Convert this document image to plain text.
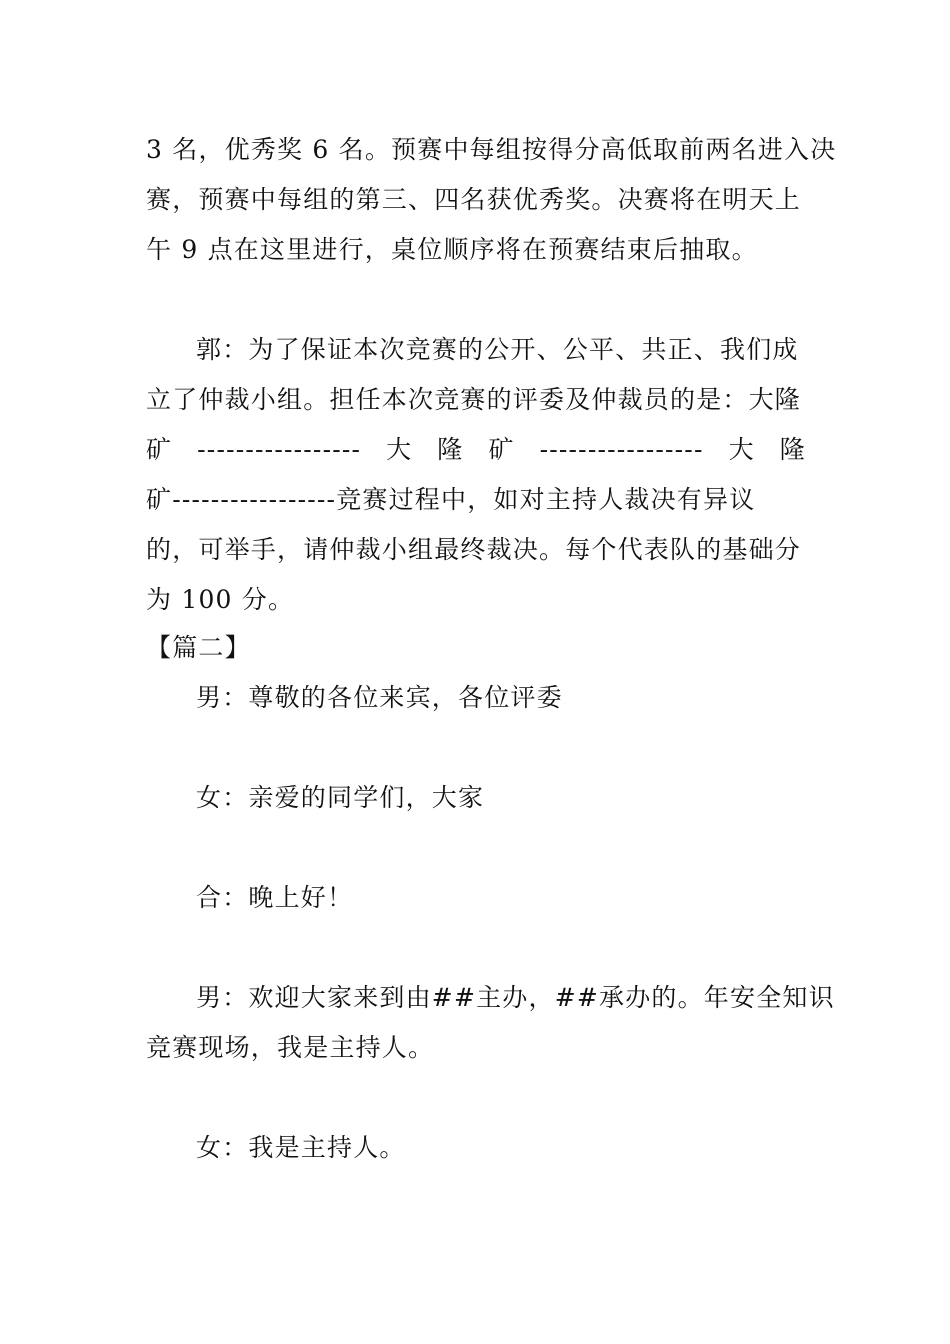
3 名，优秀奖 6 名。预赛中每组按得分高低取前两名进入决
赛，预赛中每组的第三、四名获优秀奖。决赛将在明天上
午 9 点在这里进行，桌位顺序将在预赛结束后抽取。
郭：为了保证本次竞赛的公开、公平、共正、我们成
立了仲裁小组。担任本次竞赛的评委及仲裁员的是：大隆
矿 ----------------- 大 隆 矿 ----------------- 大 隆
矿-----------------竞赛过程中，如对主持人裁决有异议
的，可举手，请仲裁小组最终裁决。每个代表队的基础分
为 100 分。
【篇二】
男：尊敬的各位来宾，各位评委
女：亲爱的同学们，大家
合：晚上好！
男：欢迎大家来到由##主办，##承办的。年安全知识
竞赛现场，我是主持人。
女：我是主持人。
